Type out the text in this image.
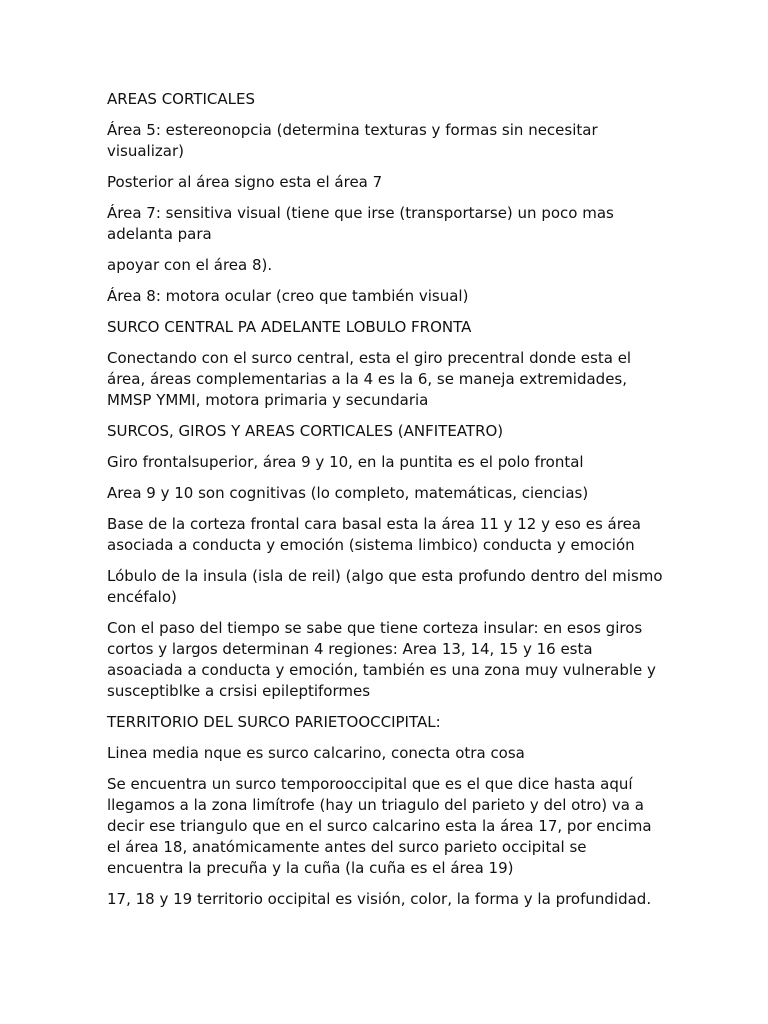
AREAS CORTICALES

Área 5: estereonopcia (determina texturas y formas sin necesitar visualizar)

Posterior al área signo esta el área 7

Área 7: sensitiva visual (tiene que irse (transportarse) un poco mas adelanta para

apoyar con el área 8).

Área 8: motora ocular (creo que también visual)

SURCO CENTRAL PA ADELANTE LOBULO FRONTA

Conectando con el surco central, esta el giro precentral donde esta el área, áreas complementarias a la 4 es la 6, se maneja extremidades, MMSP YMMI, motora primaria y secundaria

SURCOS, GIROS Y AREAS CORTICALES (ANFITEATRO)

Giro frontalsuperior, área 9 y 10, en la puntita es el polo frontal

Area 9 y 10 son cognitivas (lo completo, matemáticas, ciencias)

Base de la corteza frontal cara basal esta la área 11 y 12 y eso es área asociada a conducta y emoción (sistema limbico) conducta y emoción

Lóbulo de la insula (isla de reil) (algo que esta profundo dentro del mismo encéfalo)

Con el paso del tiempo se sabe que tiene corteza insular: en esos giros cortos y largos determinan 4 regiones: Area 13, 14, 15 y 16 esta asoaciada a conducta y emoción, también es una zona muy vulnerable y susceptiblke a crsisi epileptiformes

TERRITORIO DEL SURCO PARIETOOCCIPITAL:

Linea media nque es surco calcarino, conecta otra cosa

Se encuentra un surco temporooccipital que es el que dice hasta aquí llegamos a la zona limítrofe (hay un triagulo del parieto y del otro) va a decir ese triangulo que en el surco calcarino esta la área 17, por encima el área 18, anatómicamente antes del surco parieto occipital se encuentra la precuña y la cuña (la cuña es el área 19)

17, 18 y 19 territorio occipital es visión, color, la forma y la profundidad.
